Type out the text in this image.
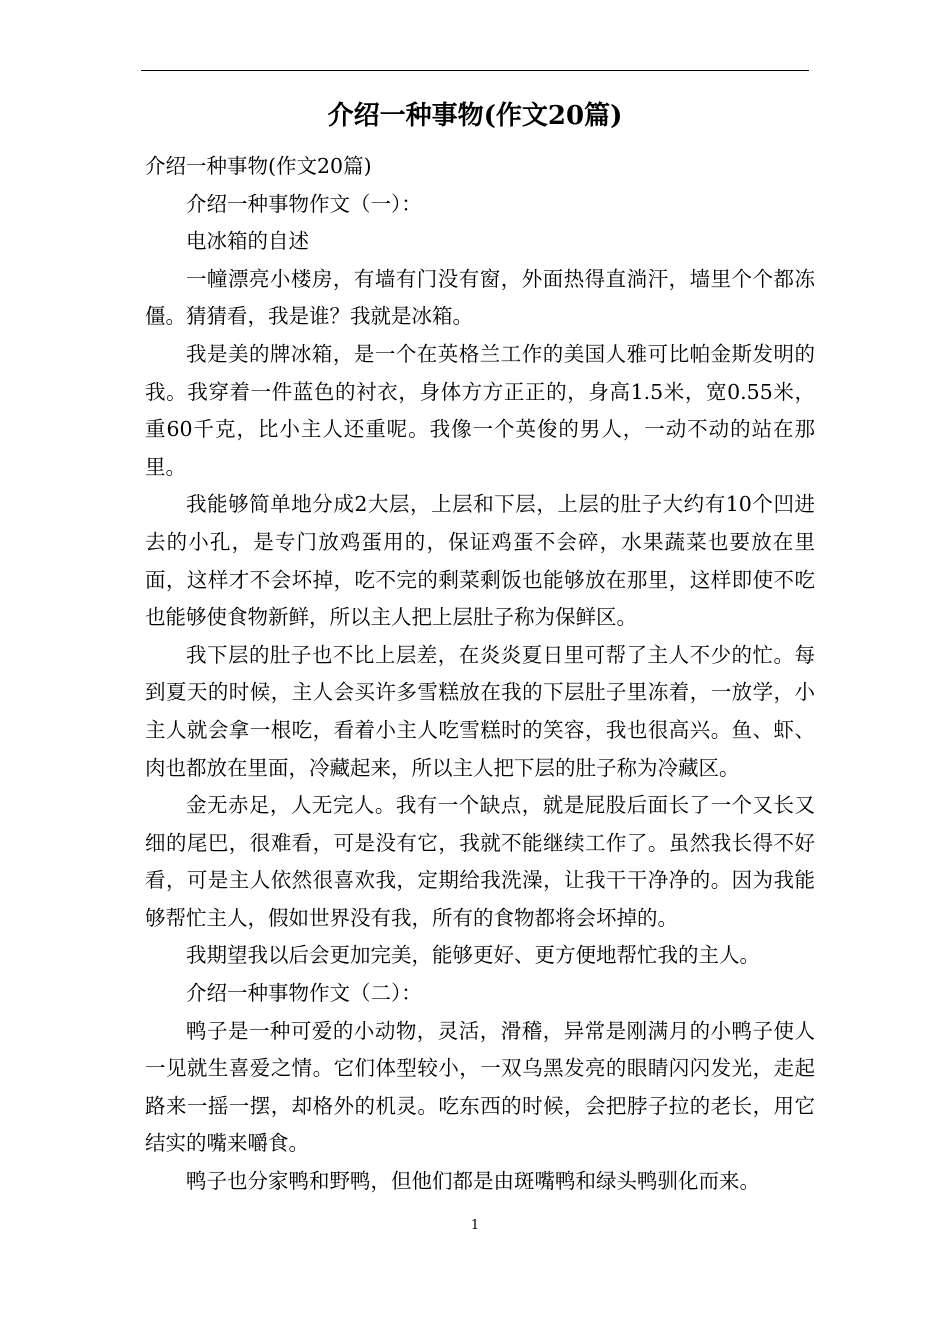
介绍一种事物(作文20篇)

介绍一种事物(作文20篇)

介绍一种事物作文（一）：

电冰箱的自述

一幢漂亮小楼房，有墙有门没有窗，外面热得直淌汗，墙里个个都冻僵。猜猜看，我是谁？我就是冰箱。

我是美的牌冰箱，是一个在英格兰工作的美国人雅可比帕金斯发明的我。我穿着一件蓝色的衬衣，身体方方正正的，身高1.5米，宽0.55米，重60千克，比小主人还重呢。我像一个英俊的男人，一动不动的站在那里。

我能够简单地分成2大层，上层和下层，上层的肚子大约有10个凹进去的小孔，是专门放鸡蛋用的，保证鸡蛋不会碎，水果蔬菜也要放在里面，这样才不会坏掉，吃不完的剩菜剩饭也能够放在那里，这样即使不吃也能够使食物新鲜，所以主人把上层肚子称为保鲜区。

我下层的肚子也不比上层差，在炎炎夏日里可帮了主人不少的忙。每到夏天的时候，主人会买许多雪糕放在我的下层肚子里冻着，一放学，小主人就会拿一根吃，看着小主人吃雪糕时的笑容，我也很高兴。鱼、虾、肉也都放在里面，冷藏起来，所以主人把下层的肚子称为冷藏区。

金无赤足，人无完人。我有一个缺点，就是屁股后面长了一个又长又细的尾巴，很难看，可是没有它，我就不能继续工作了。虽然我长得不好看，可是主人依然很喜欢我，定期给我洗澡，让我干干净净的。因为我能够帮忙主人，假如世界没有我，所有的食物都将会坏掉的。

我期望我以后会更加完美，能够更好、更方便地帮忙我的主人。

介绍一种事物作文（二）：

鸭子是一种可爱的小动物，灵活，滑稽，异常是刚满月的小鸭子使人一见就生喜爱之情。它们体型较小，一双乌黑发亮的眼睛闪闪发光，走起路来一摇一摆，却格外的机灵。吃东西的时候，会把脖子拉的老长，用它结实的嘴来嚼食。

鸭子也分家鸭和野鸭，但他们都是由斑嘴鸭和绿头鸭驯化而来。

1
